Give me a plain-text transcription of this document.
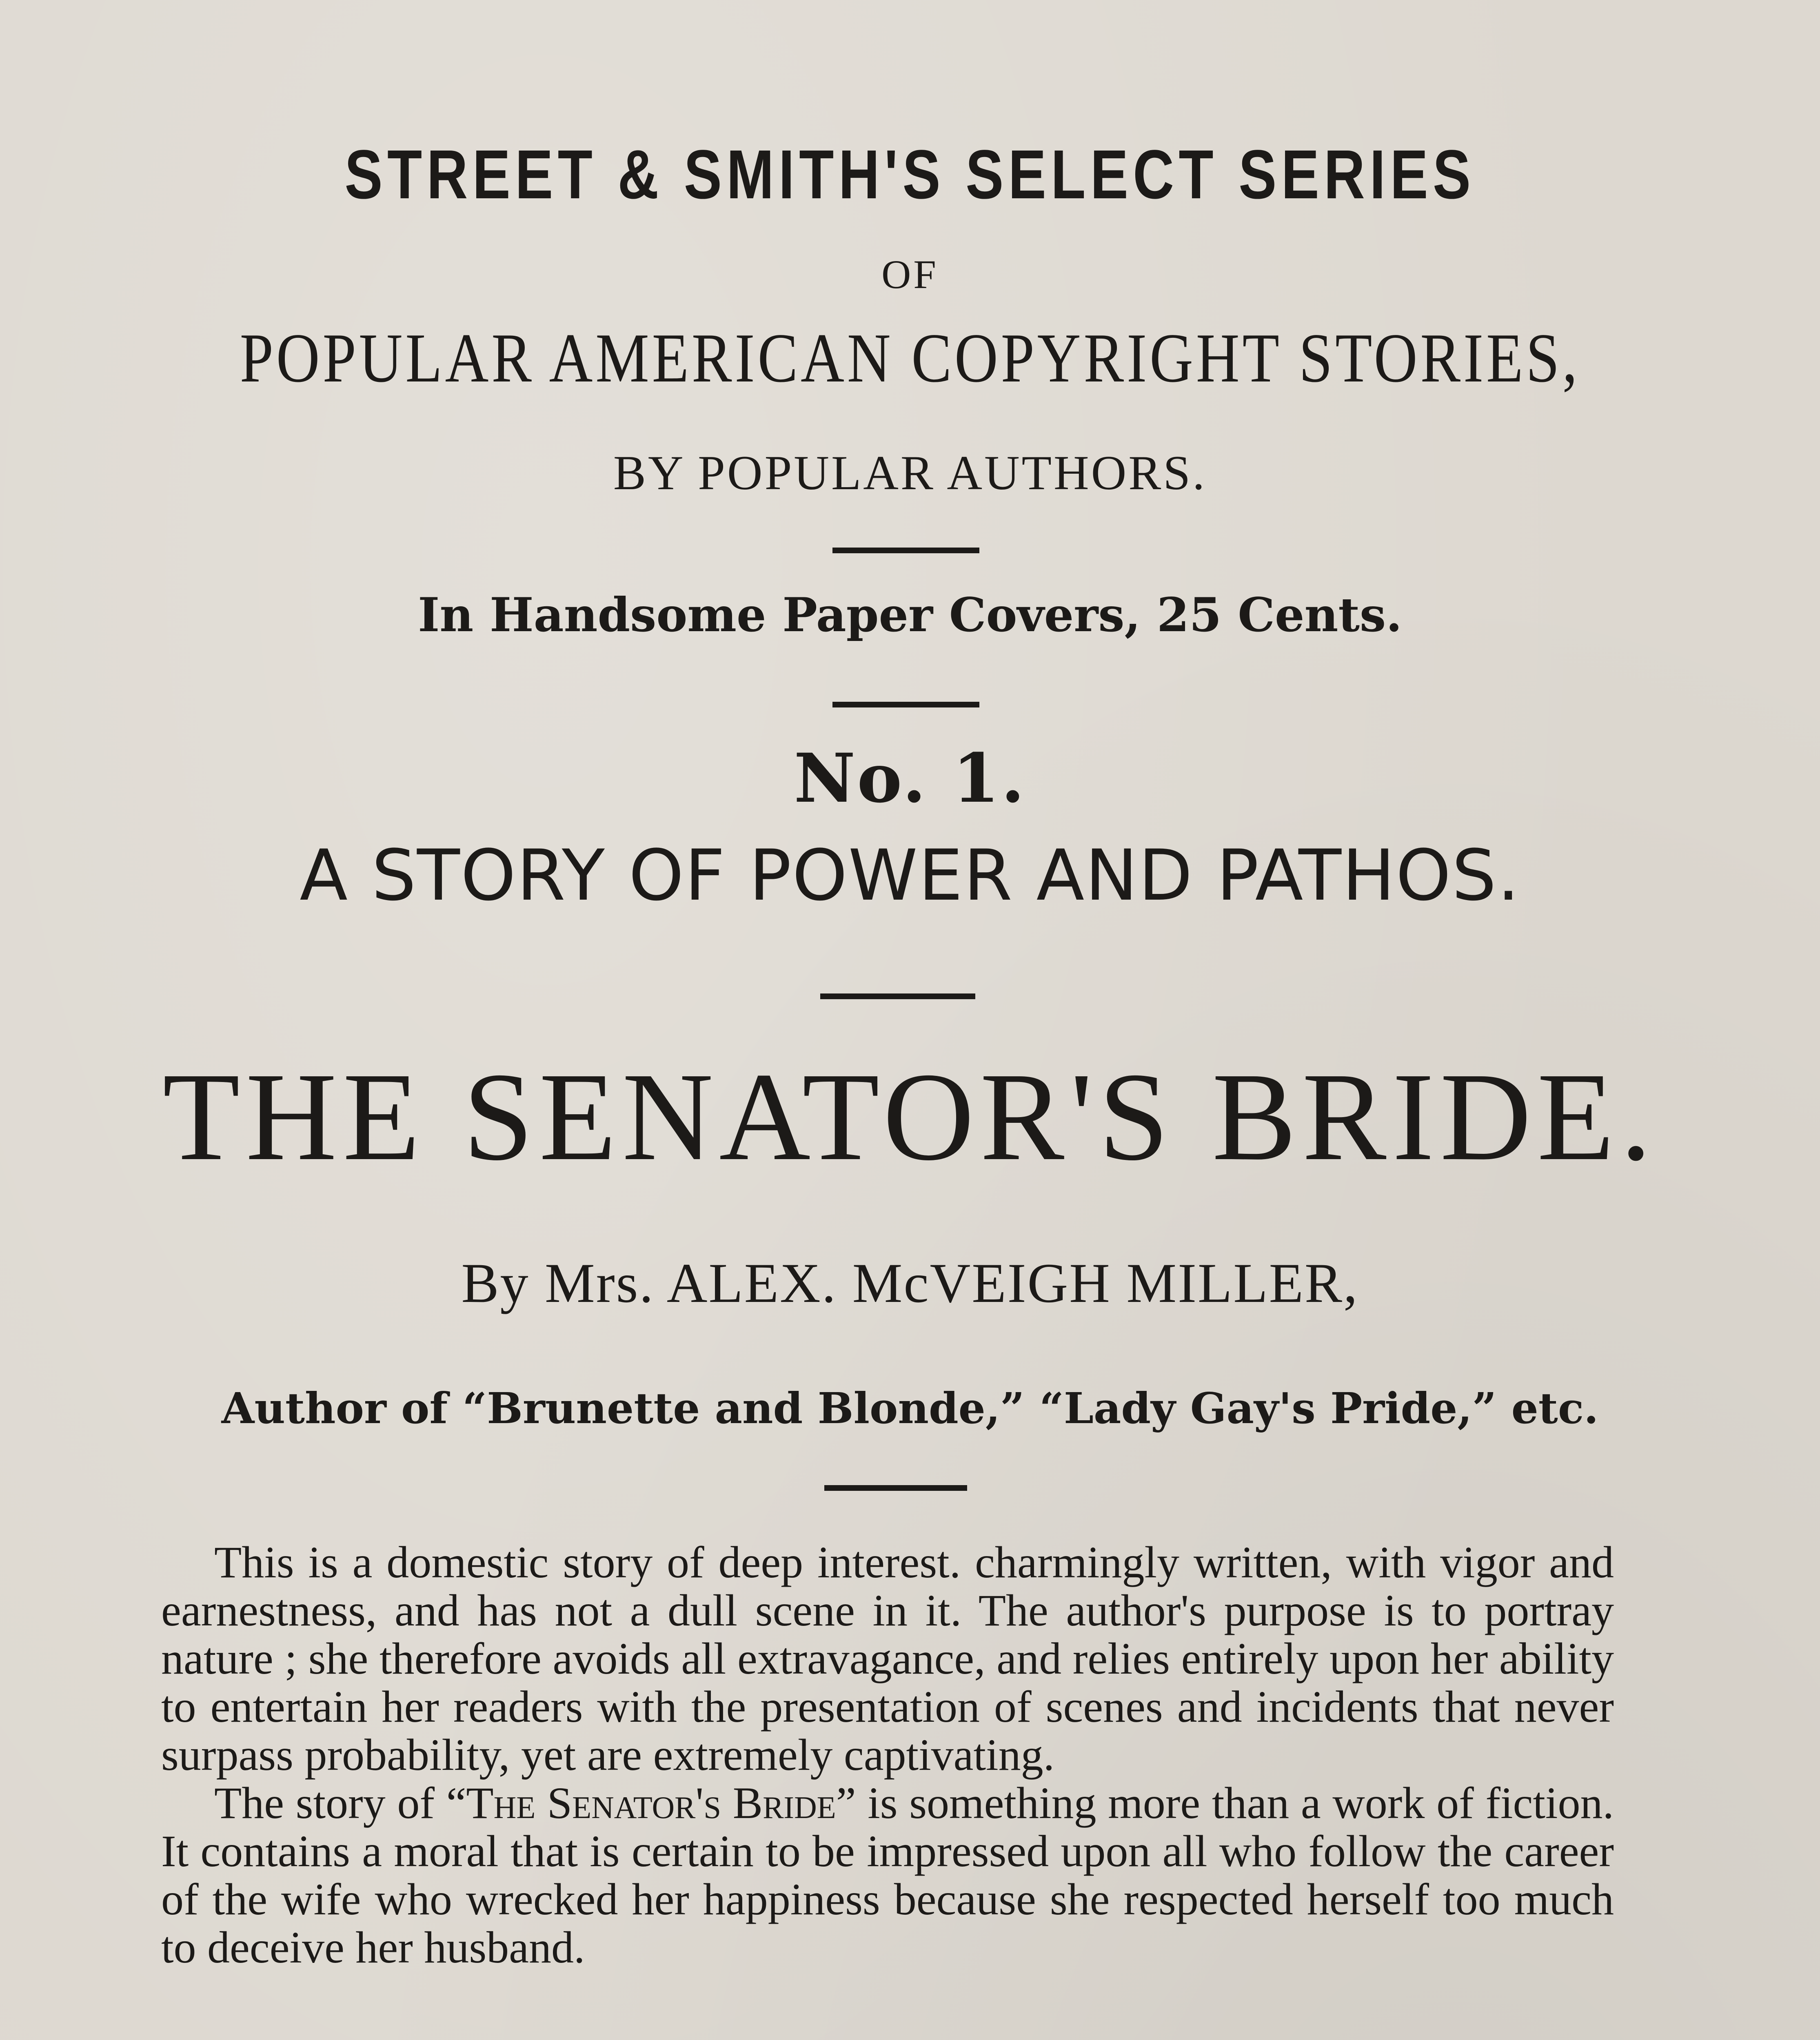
STREET & SMITH'S SELECT SERIES
OF
POPULAR AMERICAN COPYRIGHT STORIES,
BY POPULAR AUTHORS.
In Handsome Paper Covers, 25 Cents.
No. 1.
A STORY OF POWER AND PATHOS.
THE SENATOR'S BRIDE.
By Mrs. ALEX. McVEIGH MILLER,
Author of “Brunette and Blonde,” “Lady Gay's Pride,” etc.

This is a domestic story of deep interest. charmingly written, with vigor and earnestness, and has not a dull scene in it. The author's purpose is to portray nature ; she therefore avoids all extravagance, and relies entirely upon her ability to entertain her readers with the presentation of scenes and incidents that never surpass probability, yet are extremely captivating.

The story of “The Senator's Bride” is something more than a work of fiction. It contains a moral that is certain to be impressed upon all who follow the career of the wife who wrecked her happiness because she respected herself too much to deceive her husband.
